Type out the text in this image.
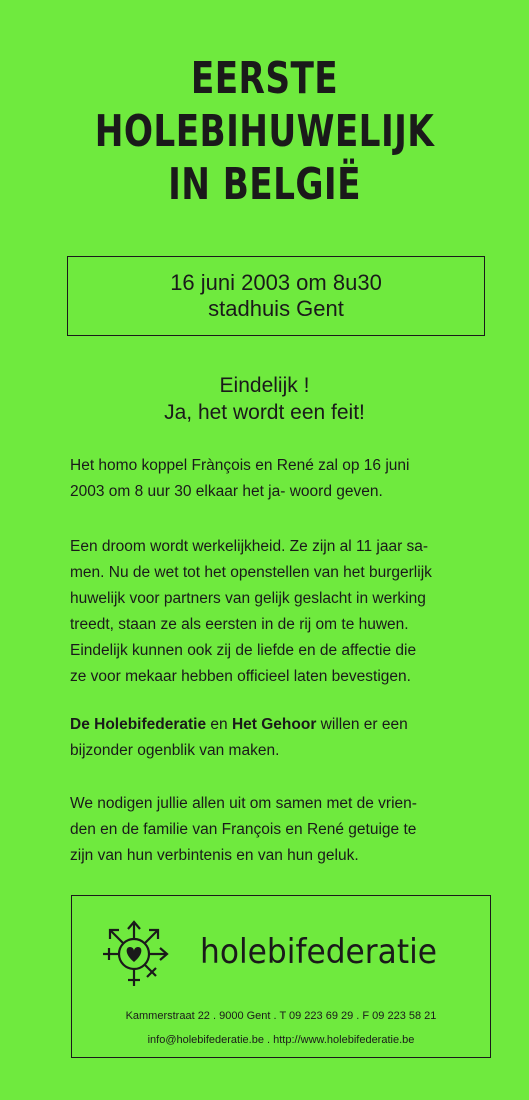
EERSTE
HOLEBIHUWELIJK
IN BELGIË
16 juni 2003 om 8u30
stadhuis Gent
Eindelijk !
Ja, het wordt een feit!

Het homo koppel Frànçois en René zal op 16 juni
2003 om 8 uur 30 elkaar het ja- woord geven.

Een droom wordt werkelijkheid. Ze zijn al 11 jaar sa-
men. Nu de wet tot het openstellen van het burgerlijk
huwelijk voor partners van gelijk geslacht in werking
treedt, staan ze als eersten in de rij om te huwen.
Eindelijk kunnen ook zij de liefde en de affectie die
ze voor mekaar hebben officieel laten bevestigen.

De Holebifederatie en Het Gehoor willen er een
bijzonder ogenblik van maken.

We nodigen jullie allen uit om samen met de vrien-
den en de familie van François en René getuige te
zijn van hun verbintenis en van hun geluk.

holebifederatie
Kammerstraat 22 . 9000 Gent . T 09 223 69 29 . F 09 223 58 21
info@holebifederatie.be . http://www.holebifederatie.be
